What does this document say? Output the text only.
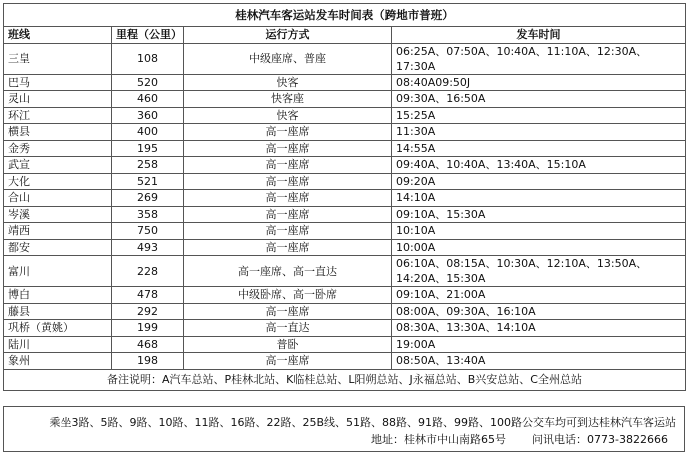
桂林汽车客运站发车时间表（跨地市普班）			
班线	里程（公里）	运行方式	发车时间
三皇	108	中级座席、普座	06:25A、07:50A、10:40A、11:10A、12:30A、17:30A
巴马	520	快客	08:40A09:50J
灵山	460	快客座	09:30A、16:50A
环江	360	快客	15:25A
横县	400	高一座席	11:30A
金秀	195	高一座席	14:55A
武宣	258	高一座席	09:40A、10:40A、13:40A、15:10A
大化	521	高一座席	09:20A
合山	269	高一座席	14:10A
岑溪	358	高一座席	09:10A、15:30A
靖西	750	高一座席	10:10A
都安	493	高一座席	10:00A
富川	228	高一座席、高一直达	06:10A、08:15A、10:30A、12:10A、13:50A、14:20A、15:30A
博白	478	中级卧席、高一卧席	09:10A、21:00A
藤县	292	高一座席	08:00A、09:30A、16:10A
巩桥（黄姚）	199	高一直达	08:30A、13:30A、14:10A
陆川	468	普卧	19:00A
象州	198	高一座席	08:50A、13:40A
备注说明：A汽车总站、P桂林北站、K临桂总站、L阳朔总站、J永福总站、B兴安总站、C全州总站			
乘坐3路、5路、9路、10路、11路、16路、22路、25B线、51路、88路、91路、99路、100路公交车均可到达桂林汽车客运站
地址：桂林市中山南路65号 问讯电话：0773-3822666
